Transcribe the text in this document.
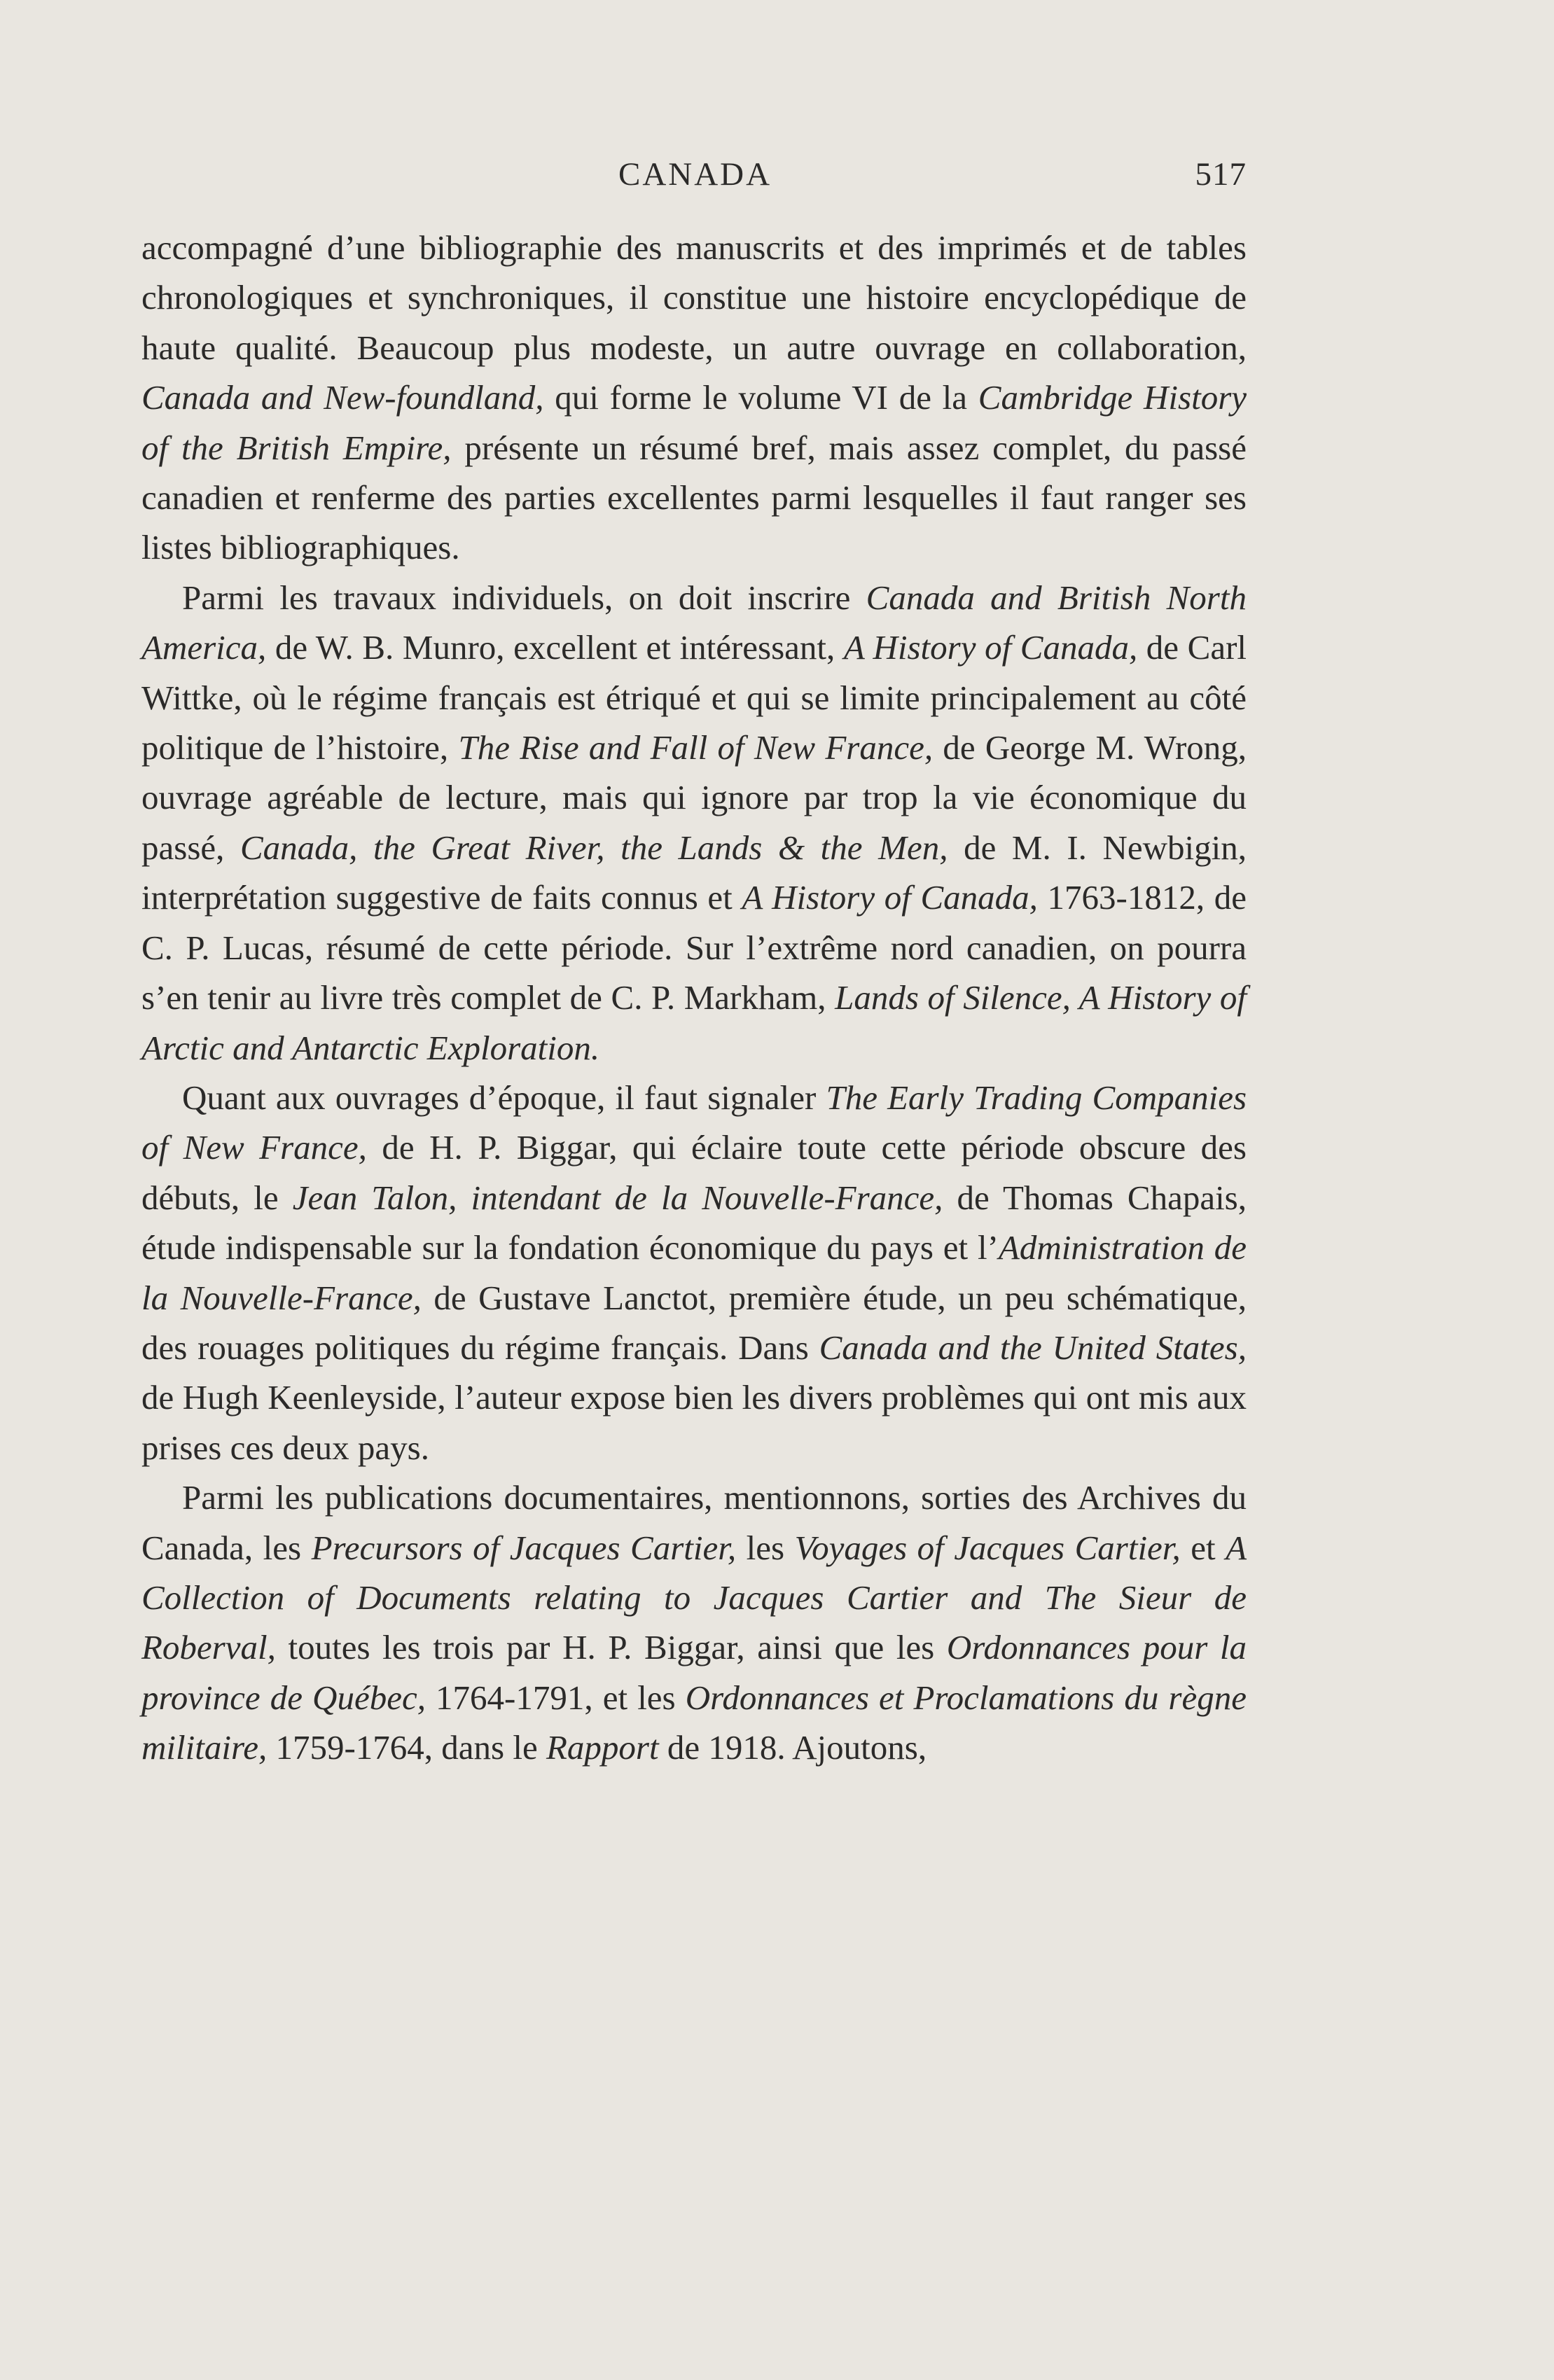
CANADA	517

accompagné d’une bibliographie des manuscrits et des imprimés et de tables chronologiques et synchroniques, il constitue une histoire encyclopédique de haute qualité. Beaucoup plus modeste, un autre ouvrage en collaboration, Canada and New-foundland, qui forme le volume VI de la Cambridge History of the British Empire, présente un résumé bref, mais assez complet, du passé canadien et renferme des parties excellentes parmi lesquelles il faut ranger ses listes bibliographiques.

Parmi les travaux individuels, on doit inscrire Canada and British North America, de W. B. Munro, excellent et intéressant, A History of Canada, de Carl Wittke, où le régime français est étriqué et qui se limite principalement au côté politique de l’histoire, The Rise and Fall of New France, de George M. Wrong, ouvrage agréable de lecture, mais qui ignore par trop la vie économique du passé, Canada, the Great River, the Lands & the Men, de M. I. Newbigin, interprétation suggestive de faits connus et A History of Canada, 1763-1812, de C. P. Lucas, résumé de cette période. Sur l’extrême nord canadien, on pourra s’en tenir au livre très complet de C. P. Markham, Lands of Silence, A History of Arctic and Antarctic Exploration.

Quant aux ouvrages d’époque, il faut signaler The Early Trading Companies of New France, de H. P. Biggar, qui éclaire toute cette période obscure des débuts, le Jean Talon, intendant de la Nouvelle-France, de Thomas Chapais, étude indispensable sur la fondation économique du pays et l’Administration de la Nouvelle-France, de Gustave Lanctot, première étude, un peu schématique, des rouages politiques du régime français. Dans Canada and the United States, de Hugh Keenleyside, l’auteur expose bien les divers problèmes qui ont mis aux prises ces deux pays.

Parmi les publications documentaires, mentionnons, sorties des Archives du Canada, les Precursors of Jacques Cartier, les Voyages of Jacques Cartier, et A Collection of Documents relating to Jacques Cartier and The Sieur de Roberval, toutes les trois par H. P. Biggar, ainsi que les Ordonnances pour la province de Québec, 1764-1791, et les Ordonnances et Proclamations du règne militaire, 1759-1764, dans le Rapport de 1918. Ajoutons,
